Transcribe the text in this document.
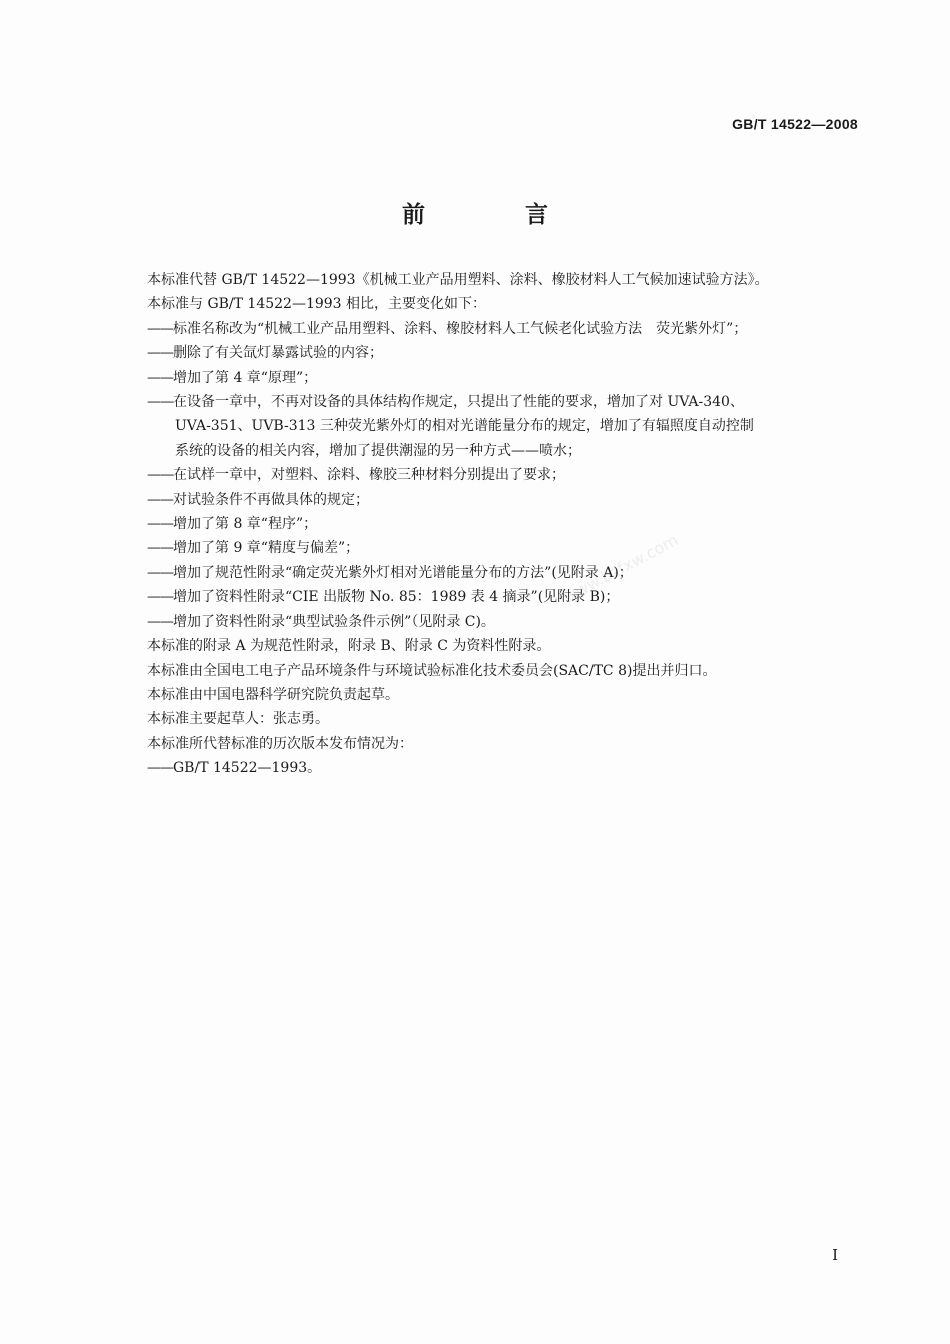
GB/T 14522—2008
前 言
本标准代替 GB/T 14522—1993《机械工业产品用塑料、涂料、橡胶材料人工气候加速试验方法》。
本标准与 GB/T 14522—1993 相比，主要变化如下：
——标准名称改为“机械工业产品用塑料、涂料、橡胶材料人工气候老化试验方法　荧光紫外灯”；
——删除了有关氙灯暴露试验的内容；
——增加了第 4 章“原理”；
——在设备一章中，不再对设备的具体结构作规定，只提出了性能的要求，增加了对 UVA-340、
UVA-351、UVB-313 三种荧光紫外灯的相对光谱能量分布的规定，增加了有辐照度自动控制
系统的设备的相关内容，增加了提供潮湿的另一种方式——喷水；
——在试样一章中，对塑料、涂料、橡胶三种材料分别提出了要求；
——对试验条件不再做具体的规定；
——增加了第 8 章“程序”；
——增加了第 9 章“精度与偏差”；
——增加了规范性附录“确定荧光紫外灯相对光谱能量分布的方法”(见附录 A)；
——增加了资料性附录“CIE 出版物 No. 85：1989 表 4 摘录”(见附录 B)；
——增加了资料性附录“典型试验条件示例”（见附录 C)。
本标准的附录 A 为规范性附录，附录 B、附录 C 为资料性附录。
本标准由全国电工电子产品环境条件与环境试验标准化技术委员会(SAC/TC 8)提出并归口。
本标准由中国电器科学研究院负责起草。
本标准主要起草人：张志勇。
本标准所代替标准的历次版本发布情况为：
——GB/T 14522—1993。
www.bzfxw.com
I
